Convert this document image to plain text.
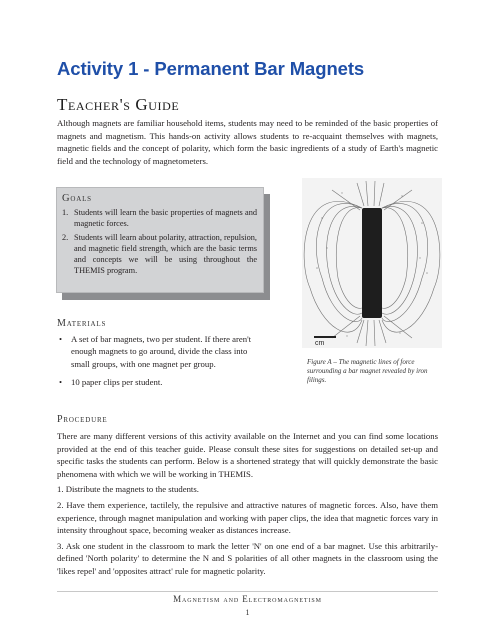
Activity 1 - Permanent Bar Magnets
Teacher's Guide

Although magnets are familiar household items, students may need to be reminded of the basic properties of magnets and magnetism. This hands-on activity allows students to re-acquaint themselves with magnets, magnetic fields and the concept of polarity, which form the basic ingredients of a study of Earth's magnetic field and the technology of magnetometers.

Goals
1. Students will learn the basic properties of magnets and magnetic forces.
2. Students will learn about polarity, attraction, repulsion, and magnetic field strength, which are the basic terms and concepts we will be using throughout the THEMIS program.
Materials
• A set of bar magnets, two per student. If there aren't enough magnets to go around, divide the class into small groups, with one magnet per group.
• 10 paper clips per student.
cm
Figure A – The magnetic lines of force surrounding a bar magnet revealed by iron filings.
Procedure

There are many different versions of this activity available on the Internet and you can find some locations provided at the end of this teacher guide. Please consult these sites for suggestions on detailed set-up and specific tasks the students can perform. Below is a shortened strategy that will quickly demonstrate the basic phenomena with which we will be working in THEMIS.

1. Distribute the magnets to the students.

2. Have them experience, tactilely, the repulsive and attractive natures of magnetic forces. Also, have them experience, through magnet manipulation and working with paper clips, the idea that magnetic forces vary in intensity throughout space, becoming weaker as distances increase.

3. Ask one student in the classroom to mark the letter 'N' on one end of a bar magnet. Use this arbitrarily-defined 'North polarity' to determine the N and S polarities of all other magnets in the classroom using the 'likes repel' and 'opposites attract' rule for magnetic polarity.

Magnetism and Electromagnetism
1
